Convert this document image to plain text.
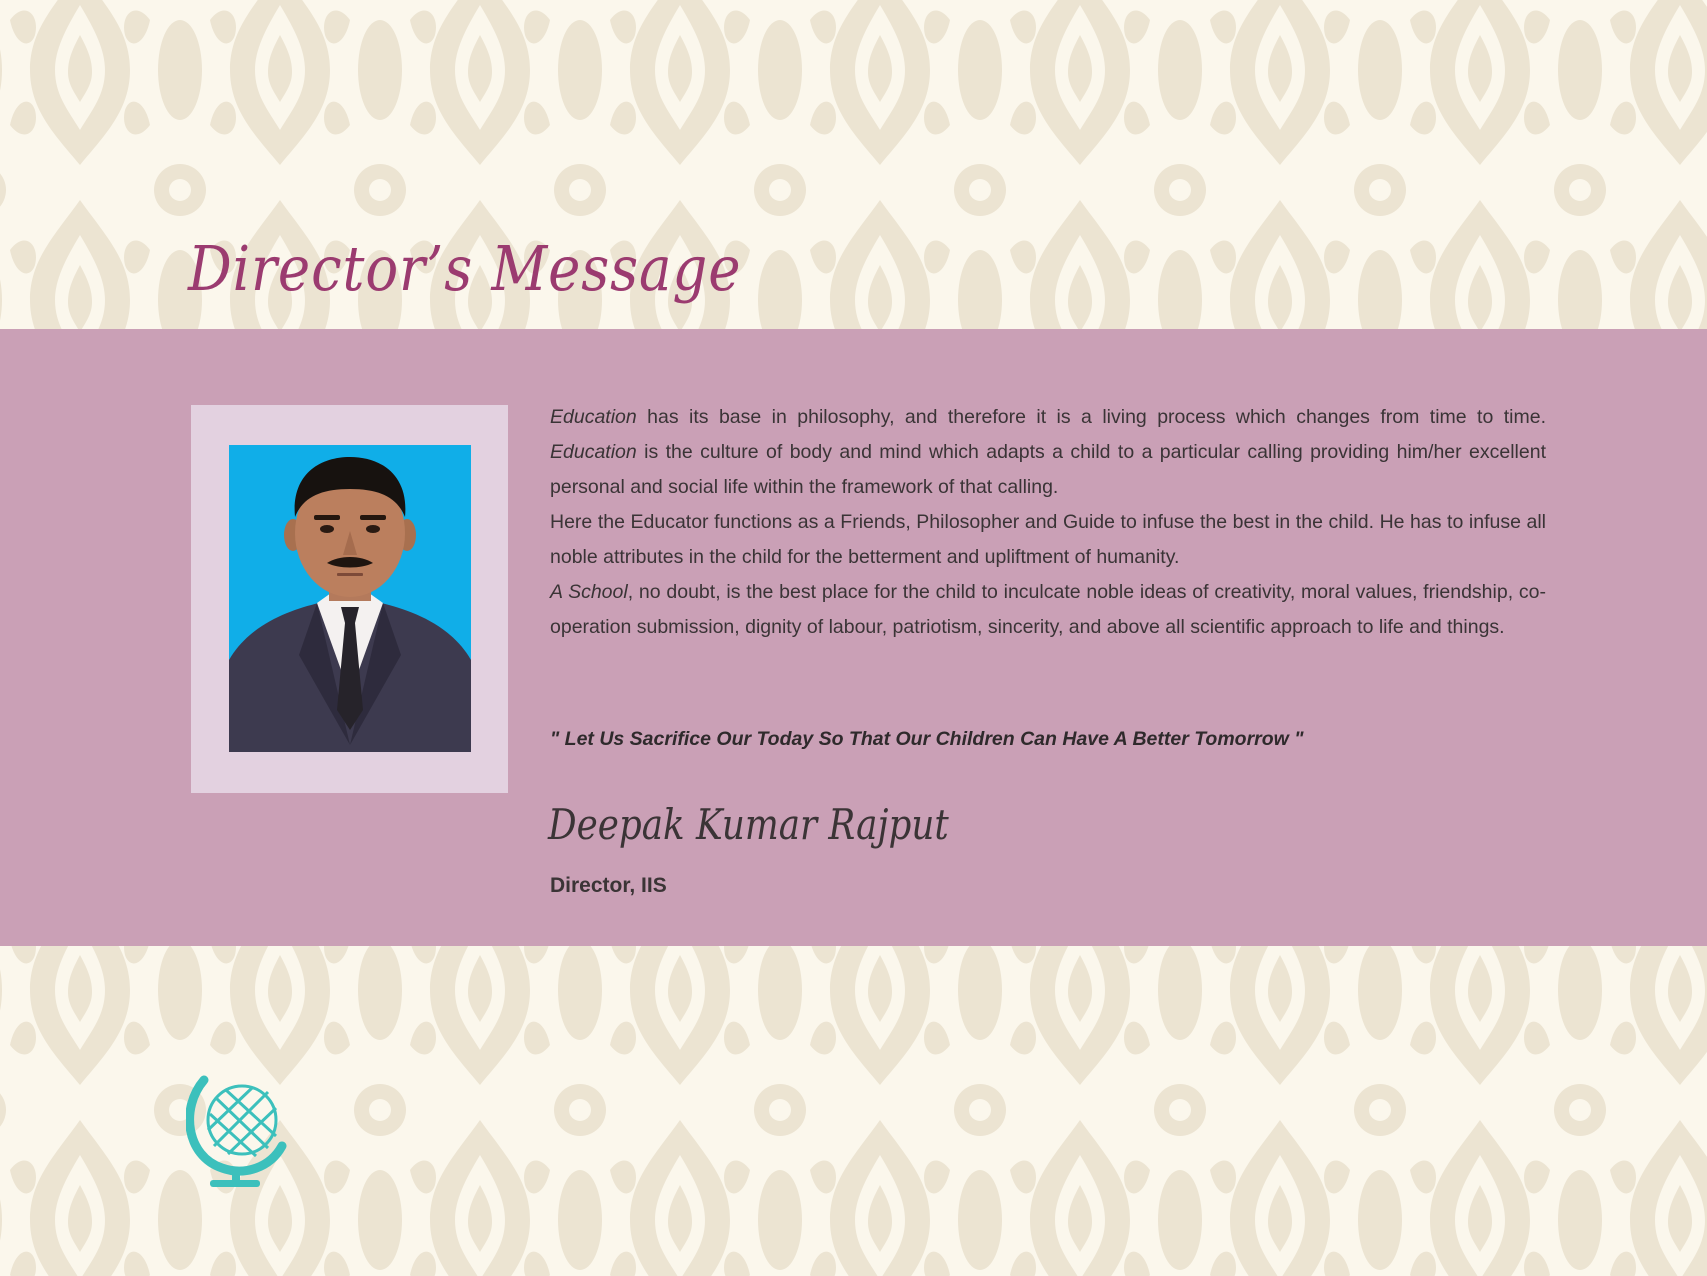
Director’s Message

Education has its base in philosophy, and therefore it is a living process which changes from time to time. Education is the culture of body and mind which adapts a child to a particular calling providing him/her excellent personal and social life within the framework of that calling.

Here the Educator functions as a Friends, Philosopher and Guide to infuse the best in the child. He has to infuse all noble attributes in the child for the betterment and upliftment of humanity.

A School, no doubt, is the best place for the child to inculcate noble ideas of creativity, moral values, friendship, co-operation submission, dignity of labour, patriotism, sincerity, and above all scientific approach to life and things.

" Let Us Sacrifice Our Today So That Our Children Can Have A Better Tomorrow "
Deepak Kumar Rajput
Director, IIS
